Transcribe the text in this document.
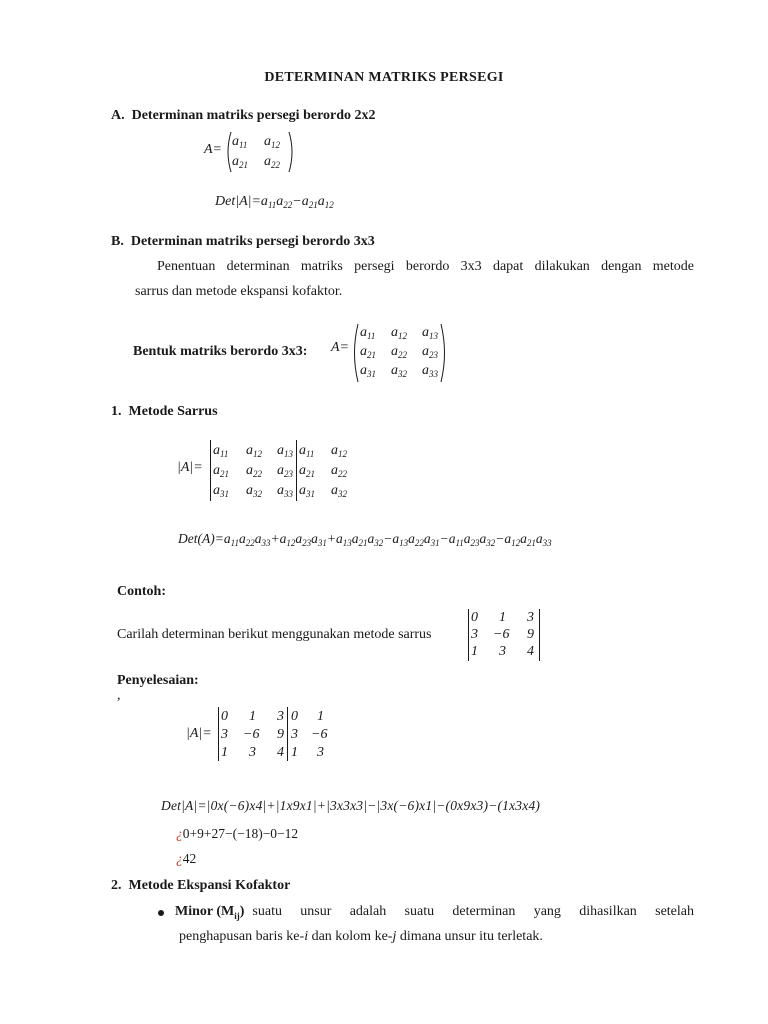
DETERMINAN MATRIKS PERSEGI
A.  Determinan matriks persegi berordo 2x2
A=
$a_{11}$ $a_{12}$
$a_{21}$ $a_{22}$
$Det|A|=a_{11}a_{22}-a_{21}a_{12}$
B.  Determinan matriks persegi berordo 3x3
Penentuan determinan matriks persegi berordo 3x3 dapat dilakukan dengan metode
sarrus dan metode ekspansi kofaktor.
Bentuk matriks berordo 3x3: A=
$a_{11}$ $a_{12}$ $a_{13}$
$a_{21}$ $a_{22}$ $a_{23}$
$a_{31}$ $a_{32}$ $a_{33}$
1.  Metode Sarrus
|A|=
$a_{11}$ $a_{12}$ $a_{13}$ $a_{11}$ $a_{12}$
$a_{21}$ $a_{22}$ $a_{23}$ $a_{21}$ $a_{22}$
$a_{31}$ $a_{32}$ $a_{33}$ $a_{31}$ $a_{32}$
$Det(A)=a_{11}a_{22}a_{33}+a_{12}a_{23}a_{31}+a_{13}a_{21}a_{32}-a_{13}a_{22}a_{31}-a_{11}a_{23}a_{32}-a_{12}a_{21}a_{33}$
Contoh:
Carilah determinan berikut menggunakan metode sarrus
0 1 3
3 −6 9
1 3 4
Penyelesaian:
,
|A|=
0 1 3 0 1
3 −6 9 3 −6
1 3 4 1 3
Det|A|=|0x(−6)x4|+|1x9x1|+|3x3x3|−|3x(−6)x1|−(0x9x3)−(1x3x4)
¿0+9+27−(−18)−0−12
¿42
2.  Metode Ekspansi Kofaktor
Minor $(M_{ij})$ suatu unsur adalah suatu determinan yang dihasilkan setelah
penghapusan baris ke-i dan kolom ke-j dimana unsur itu terletak.
